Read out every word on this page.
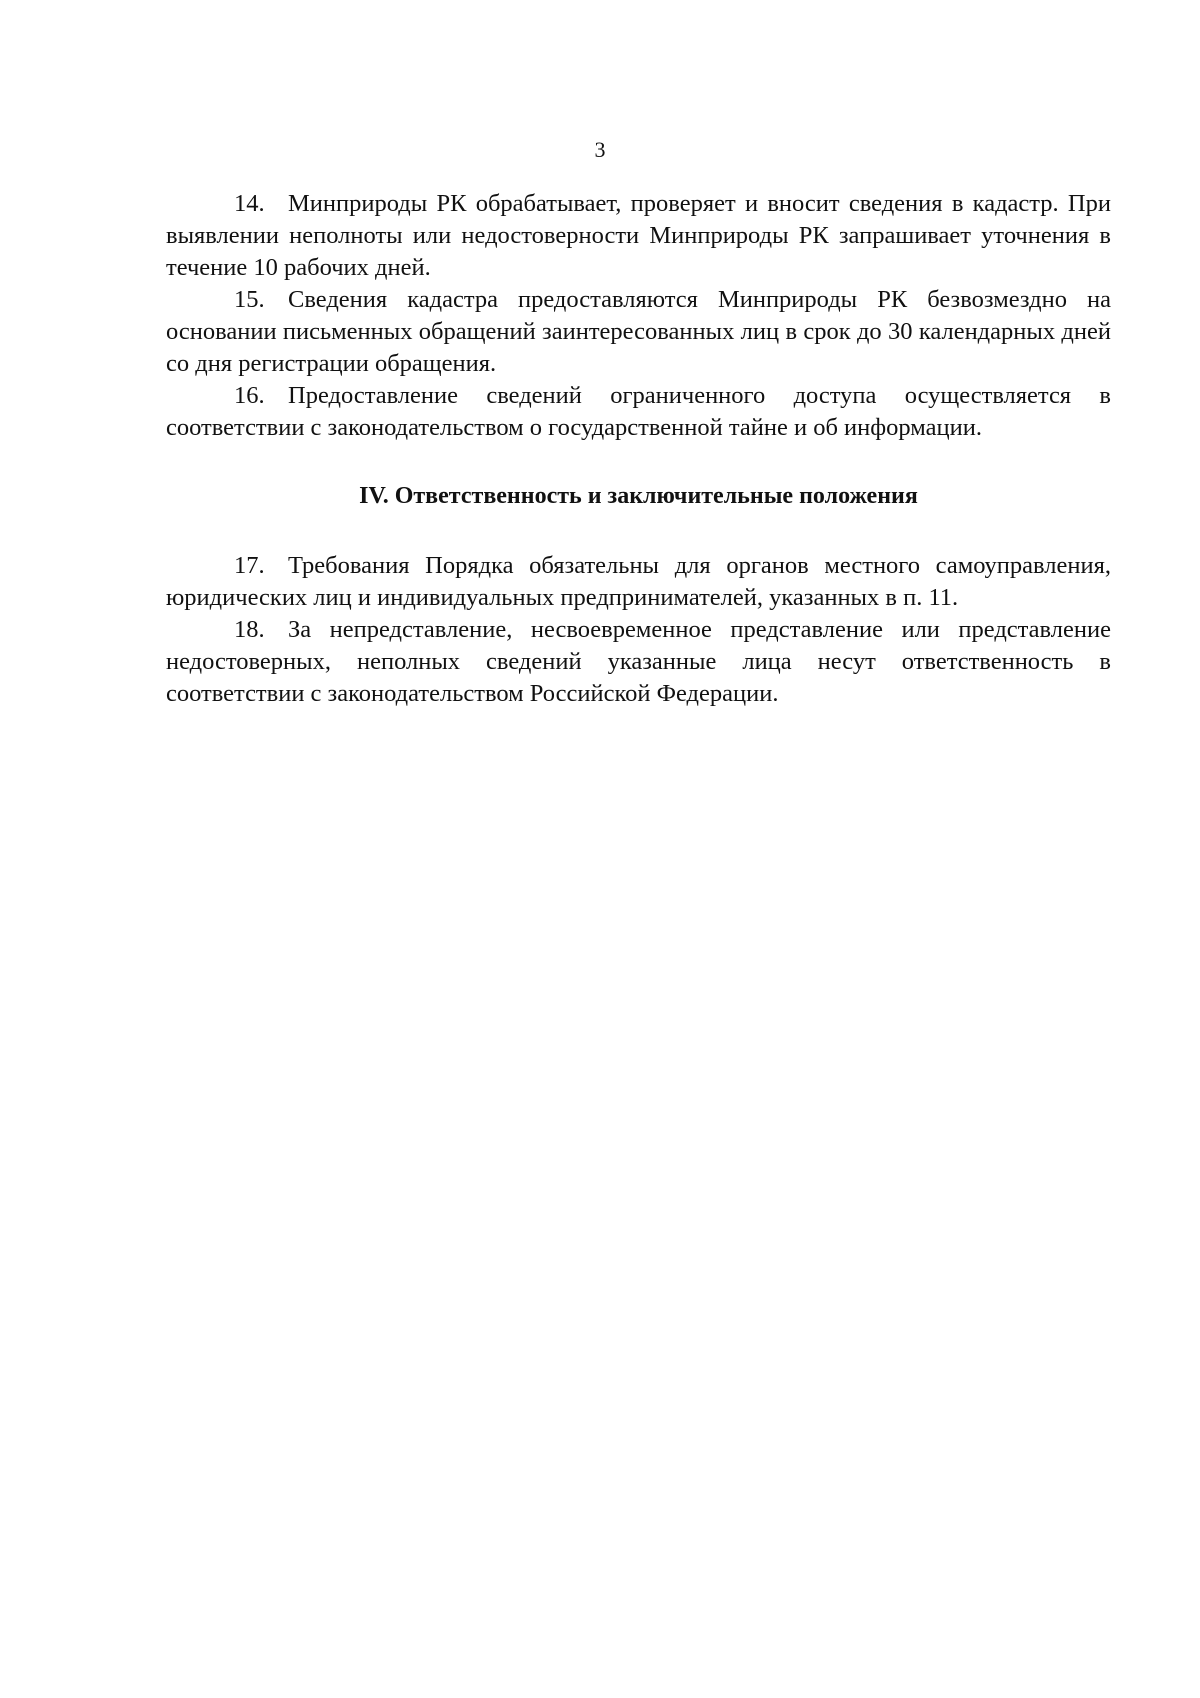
3

14. Минприроды РК обрабатывает, проверяет и вносит сведения в кадастр. При выявлении неполноты или недостоверности Минприроды РК запрашивает уточнения в течение 10 рабочих дней.

15. Сведения кадастра предоставляются Минприроды РК безвозмездно на основании письменных обращений заинтересованных лиц в срок до 30 календарных дней со дня регистрации обращения.

16. Предоставление сведений ограниченного доступа осуществляется в соответствии с законодательством о государственной тайне и об информации.

IV. Ответственность и заключительные положения

17. Требования Порядка обязательны для органов местного самоуправления, юридических лиц и индивидуальных предпринимателей, указанных в п. 11.

18. За непредставление, несвоевременное представление или представление недостоверных, неполных сведений указанные лица несут ответственность в соответствии с законодательством Российской Федерации.
